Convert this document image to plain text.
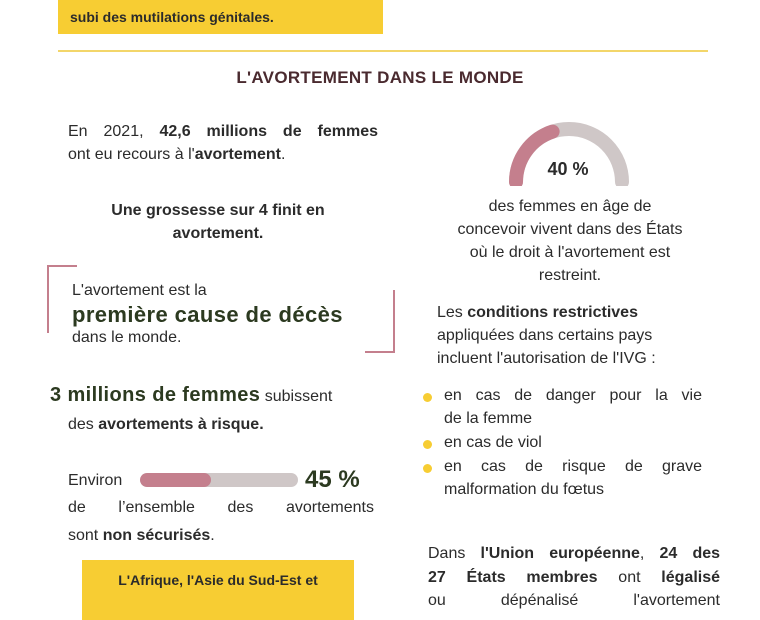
subi des mutilations génitales.
L'AVORTEMENT DANS LE MONDE
En 2021, 42,6 millions de femmes
ont eu recours à l'avortement.
Une grossesse sur 4 finit en
avortement.
L'avortement est la
première cause de décès
dans le monde.
3 millions de femmes subissent
des avortements à risque.
Environ	45 %
de l’ensemble des avortements
sont non sécurisés.
L'Afrique, l'Asie du Sud-Est et
40 %
des femmes en âge de
concevoir vivent dans des États
où le droit à l'avortement est
restreint.
Les conditions restrictives
appliquées dans certains pays
incluent l'autorisation de l'IVG :
en cas de danger pour la vie
de la femme
en cas de viol
en cas de risque de grave
malformation du fœtus
Dans l'Union européenne, 24 des
27 États membres ont légalisé
ou dépénalisé l'avortement
